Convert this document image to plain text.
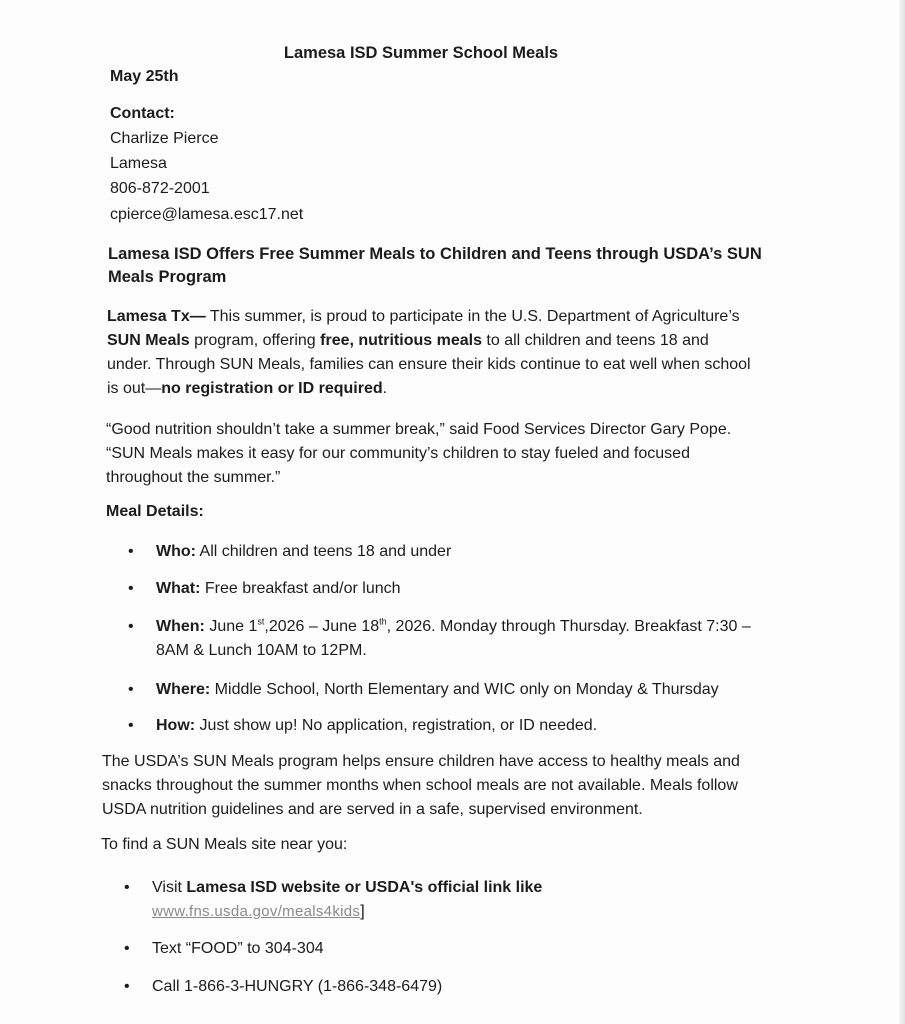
Lamesa ISD Summer School Meals
May 25th
Contact:
Charlize Pierce
Lamesa
806-872-2001
cpierce@lamesa.esc17.net
Lamesa ISD Offers Free Summer Meals to Children and Teens through USDA’s SUN
Meals Program
Lamesa Tx— This summer, is proud to participate in the U.S. Department of Agriculture’s
SUN Meals program, offering free, nutritious meals to all children and teens 18 and
under. Through SUN Meals, families can ensure their kids continue to eat well when school
is out—no registration or ID required.
“Good nutrition shouldn’t take a summer break,” said Food Services Director Gary Pope.
“SUN Meals makes it easy for our community’s children to stay fueled and focused
throughout the summer.”
Meal Details:
•	Who: All children and teens 18 and under
•	What: Free breakfast and/or lunch
•	When: June 1st,2026 – June 18th, 2026. Monday through Thursday. Breakfast 7:30 –
8AM & Lunch 10AM to 12PM.
•	Where: Middle School, North Elementary and WIC only on Monday & Thursday
•	How: Just show up! No application, registration, or ID needed.
The USDA’s SUN Meals program helps ensure children have access to healthy meals and
snacks throughout the summer months when school meals are not available. Meals follow
USDA nutrition guidelines and are served in a safe, supervised environment.
To find a SUN Meals site near you:
•	Visit Lamesa ISD website or USDA's official link like
www.fns.usda.gov/meals4kids]
•	Text “FOOD” to 304-304
•	Call 1-866-3-HUNGRY (1-866-348-6479)
